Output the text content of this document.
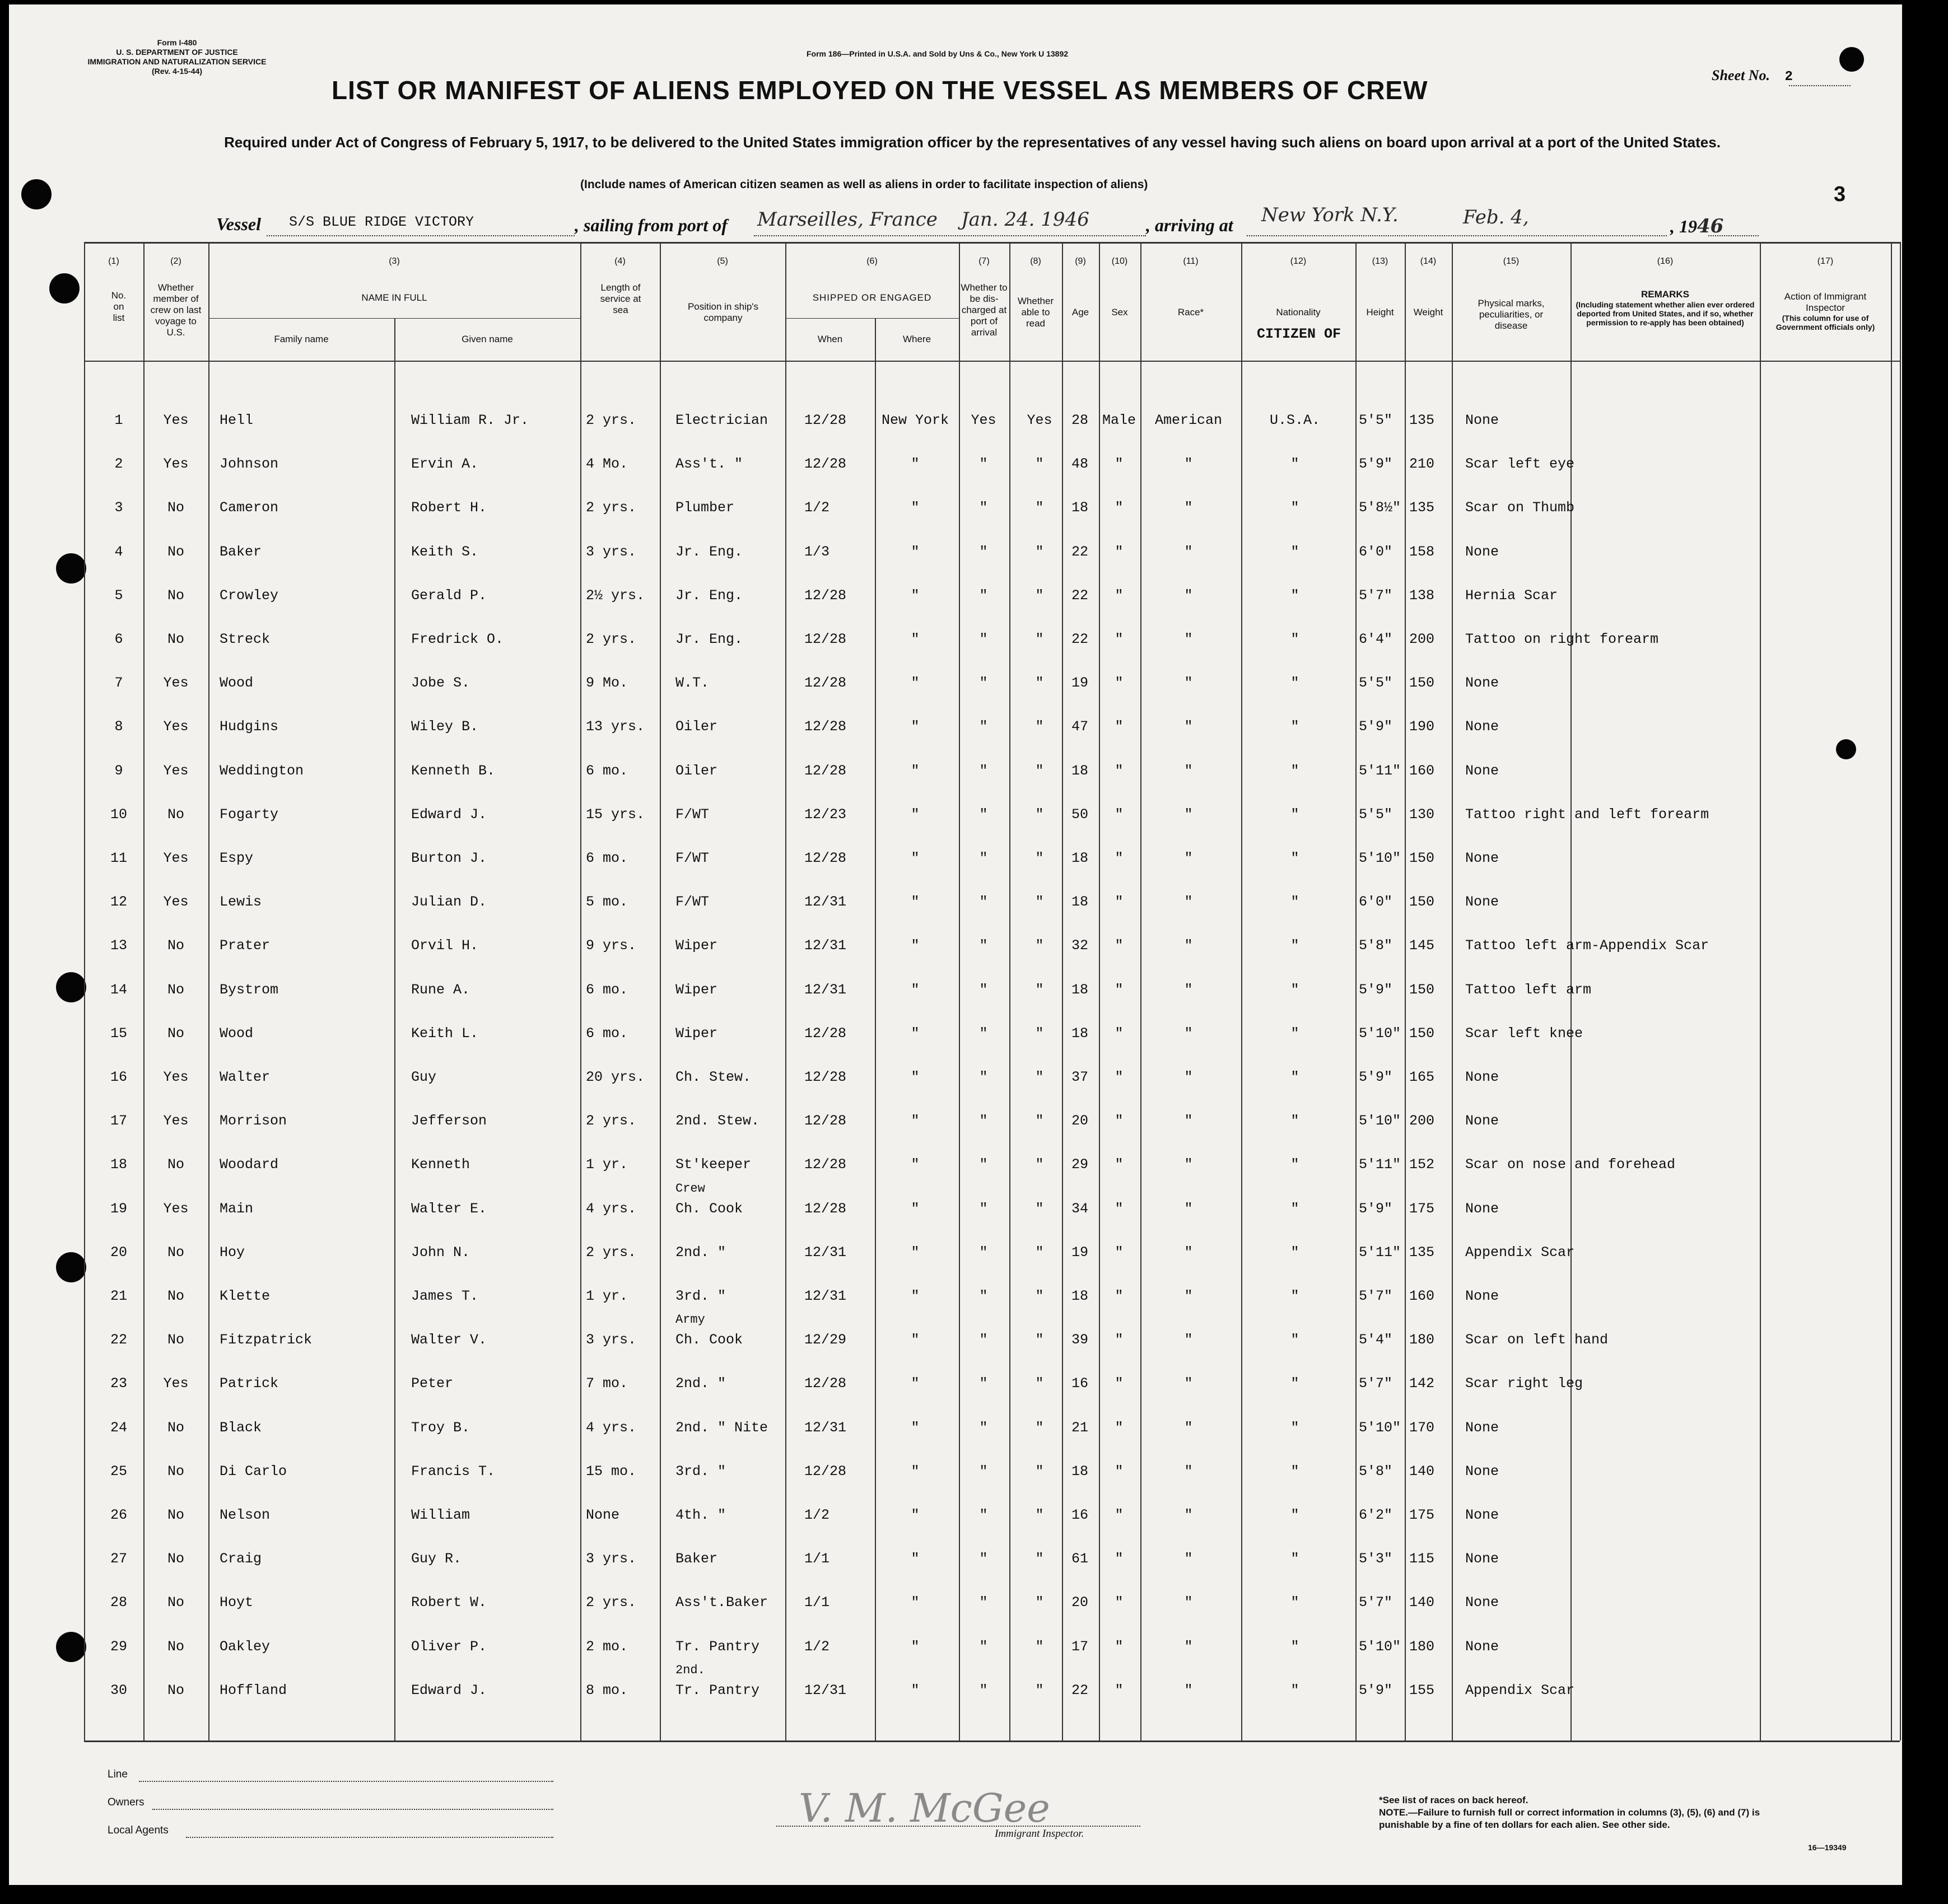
Form I-480
U. S. DEPARTMENT OF JUSTICE
IMMIGRATION AND NATURALIZATION SERVICE
(Rev. 4-15-44)
Form 186—Printed in U.S.A. and Sold by Uns & Co., New York U 13892
Sheet No. 2
LIST OR MANIFEST OF ALIENS EMPLOYED ON THE VESSEL AS MEMBERS OF CREW
Required under Act of Congress of February 5, 1917, to be delivered to the United States immigration officer by the representatives of any vessel having such aliens on board upon arrival at a port of the United States.
(Include names of American citizen seamen as well as aliens in order to facilitate inspection of aliens)	3
Vessel S/S BLUE RIDGE VICTORY	, sailing from port of Marseilles, France Jan. 24. 1946	, arriving at New York N.Y.	Feb. 4,	, 1946
(1)	(2)	(3)	(4)	(5)	(6)	(7)	(8)	(9)	(10)	(11)	(12)	(13)	(14)	(15)	(16)	(17)
No. on list
Whether member of crew on last voyage to U.S.
NAME IN FULL
Family name	Given name
Length of service at sea	Position in ship's company
SHIPPED OR ENGAGED
When	Where
Whether to be dis-charged at port of arrival
Whether able to read
Age	Sex	Race*	Nationality
CITIZEN OF
Height	Weight
Physical marks, peculiarities, or disease
REMARKS
(Including statement whether alien ever ordered deported from United States, and if so, whether permission to re-apply has been obtained)
Action of Immigrant Inspector
(This column for use of Government officials only)
1	Yes	Hell	William R. Jr.	2 yrs.	Electrician	12/28	New York	Yes	Yes	28 Male	American	U.S.A.	5'5" 135 None
2	Yes	Johnson	Ervin A.	4 Mo.	Ass't. "	12/28	"	"	"	48	"	"	"	5'9" 210 Scar left eye
3	No	Cameron	Robert H.	2 yrs.	Plumber	1/2	"	"	"	18	"	"	"	5'8½" 135 Scar on Thumb
4	No	Baker	Keith S.	3 yrs.	Jr. Eng.	1/3	"	"	"	22	"	"	"	6'0" 158 None
5	No	Crowley	Gerald P.	2½ yrs. Jr. Eng.	12/28	"	"	"	22	"	"	"	5'7" 138 Hernia Scar
6	No	Streck	Fredrick O.	2 yrs.	Jr. Eng.	12/28	"	"	"	22	"	"	"	6'4" 200 Tattoo on right forearm
7	Yes	Wood	Jobe S.	9 Mo.	W.T.	12/28	"	"	"	19	"	"	"	5'5" 150 None
8	Yes	Hudgins	Wiley B.	13 yrs. Oiler	12/28	"	"	"	47	"	"	"	5'9" 190 None
9	Yes	Weddington	Kenneth B.	6 mo.	Oiler	12/28	"	"	"	18	"	"	"	5'11" 160 None
10	No	Fogarty	Edward J.	15 yrs. F/WT	12/23	"	"	"	50	"	"	"	5'5" 130 Tattoo right and left forearm
11	Yes	Espy	Burton J.	6 mo.	F/WT	12/28	"	"	"	18	"	"	"	5'10" 150 None
12	Yes	Lewis	Julian D.	5 mo.	F/WT	12/31	"	"	"	18	"	"	"	6'0" 150 None
13	No	Prater	Orvil H.	9 yrs.	Wiper	12/31	"	"	"	32	"	"	"	5'8" 145 Tattoo left arm-Appendix Scar
14	No	Bystrom	Rune A.	6 mo.	Wiper	12/31	"	"	"	18	"	"	"	5'9" 150 Tattoo left arm
15	No	Wood	Keith L.	6 mo.	Wiper	12/28	"	"	"	18	"	"	"	5'10" 150 Scar left knee
16	Yes	Walter	Guy	20 yrs. Ch. Stew.	12/28	"	"	"	37	"	"	"	5'9" 165 None
17	Yes	Morrison	Jefferson	2 yrs.	2nd. Stew.	12/28	"	"	"	20	"	"	"	5'10" 200 None
18	No	Woodard	Kenneth	1 yr.	St'keeper	12/28	"	"	"	29	"	"	"	5'11" 152 Scar on nose and forehead
19	Yes	Main	Walter E.	4 yrs.	Ch. Cook	12/28	"	"	"	34	"	"	"	5'9" 175 None
Crew
20	No	Hoy	John N.	2 yrs.	2nd. "	12/31	"	"	"	19	"	"	"	5'11" 135 Appendix Scar
21	No	Klette	James T.	1 yr.	3rd. "	12/31	"	"	"	18	"	"	"	5'7" 160 None
22	No	Fitzpatrick	Walter V.	3 yrs.	Ch. Cook	12/29	"	"	"	39	"	"	"	5'4" 180 Scar on left hand
Army
23	Yes	Patrick	Peter	7 mo.	2nd. "	12/28	"	"	"	16	"	"	"	5'7" 142 Scar right leg
24	No	Black	Troy B.	4 yrs.	2nd. " Nite	12/31	"	"	"	21	"	"	"	5'10" 170 None
25	No	Di Carlo	Francis T.	15 mo.	3rd. "	12/28	"	"	"	18	"	"	"	5'8" 140 None
26	No	Nelson	William	None	4th. "	1/2	"	"	"	16	"	"	"	6'2" 175 None
27	No	Craig	Guy R.	3 yrs.	Baker	1/1	"	"	"	61	"	"	"	5'3" 115 None
28	No	Hoyt	Robert W.	2 yrs.	Ass't.Baker	1/1	"	"	"	20	"	"	"	5'7" 140 None
29	No	Oakley	Oliver P.	2 mo.	Tr. Pantry	1/2	"	"	"	17	"	"	"	5'10" 180 None
30	No	Hoffland	Edward J.	8 mo.	Tr. Pantry	12/31	"	"	"	22	"	"	"	5'9" 155 Appendix Scar
2nd.
Line
Owners
Local Agents	V. M. McGee
Immigrant Inspector.
*See list of races on back hereof.
NOTE.—Failure to furnish full or correct information in columns (3), (5), (6) and (7) is punishable by a fine of ten dollars for each alien. See other side.
16—19349
